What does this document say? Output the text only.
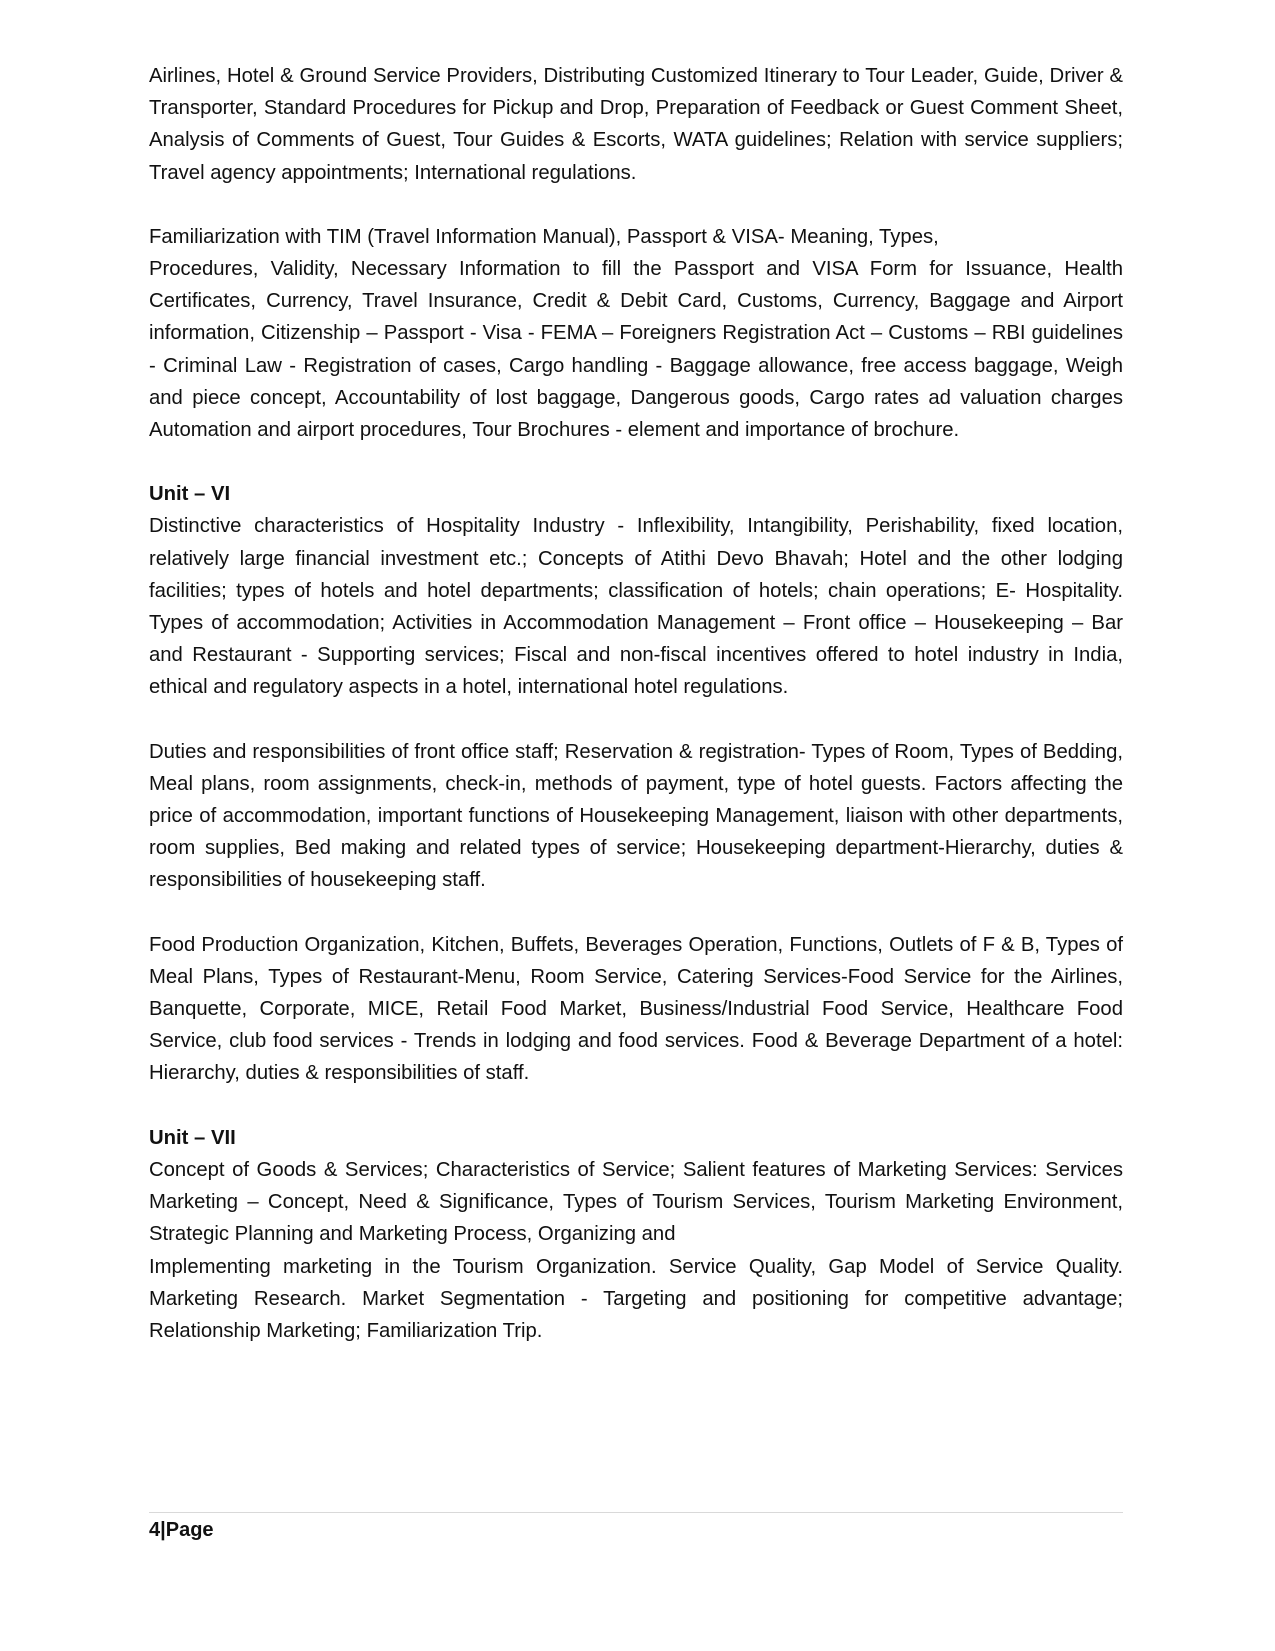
Airlines, Hotel & Ground Service Providers, Distributing Customized Itinerary to Tour Leader, Guide, Driver & Transporter, Standard Procedures for Pickup and Drop, Preparation of Feedback or Guest Comment Sheet, Analysis of Comments of Guest, Tour Guides & Escorts, WATA guidelines; Relation with service suppliers; Travel agency appointments; International regulations.

Familiarization with TIM (Travel Information Manual), Passport & VISA- Meaning, Types,

Procedures, Validity, Necessary Information to fill the Passport and VISA Form for Issuance, Health Certificates, Currency, Travel Insurance, Credit & Debit Card, Customs, Currency, Baggage and Airport information, Citizenship – Passport - Visa - FEMA – Foreigners Registration Act – Customs – RBI guidelines - Criminal Law - Registration of cases, Cargo handling - Baggage allowance, free access baggage, Weigh and piece concept, Accountability of lost baggage, Dangerous goods, Cargo rates ad valuation charges Automation and airport procedures, Tour Brochures - element and importance of brochure.

Unit – VI

Distinctive characteristics of Hospitality Industry - Inflexibility, Intangibility, Perishability, fixed location, relatively large financial investment etc.; Concepts of Atithi Devo Bhavah; Hotel and the other lodging facilities; types of hotels and hotel departments; classification of hotels; chain operations; E- Hospitality. Types of accommodation; Activities in Accommodation Management – Front office – Housekeeping – Bar and Restaurant - Supporting services; Fiscal and non-fiscal incentives offered to hotel industry in India, ethical and regulatory aspects in a hotel, international hotel regulations.

Duties and responsibilities of front office staff; Reservation & registration- Types of Room, Types of Bedding, Meal plans, room assignments, check-in, methods of payment, type of hotel guests. Factors affecting the price of accommodation, important functions of Housekeeping Management, liaison with other departments, room supplies, Bed making and related types of service; Housekeeping department-Hierarchy, duties & responsibilities of housekeeping staff.

Food Production Organization, Kitchen, Buffets, Beverages Operation, Functions, Outlets of F & B, Types of Meal Plans, Types of Restaurant-Menu, Room Service, Catering Services-Food Service for the Airlines, Banquette, Corporate, MICE, Retail Food Market, Business/Industrial Food Service, Healthcare Food Service, club food services - Trends in lodging and food services. Food & Beverage Department of a hotel: Hierarchy, duties & responsibilities of staff.

Unit – VII

Concept of Goods & Services; Characteristics of Service; Salient features of Marketing Services: Services Marketing – Concept, Need & Significance, Types of Tourism Services, Tourism Marketing Environment, Strategic Planning and Marketing Process, Organizing and

Implementing marketing in the Tourism Organization. Service Quality, Gap Model of Service Quality. Marketing Research. Market Segmentation - Targeting and positioning for competitive advantage; Relationship Marketing; Familiarization Trip.

4|Page
